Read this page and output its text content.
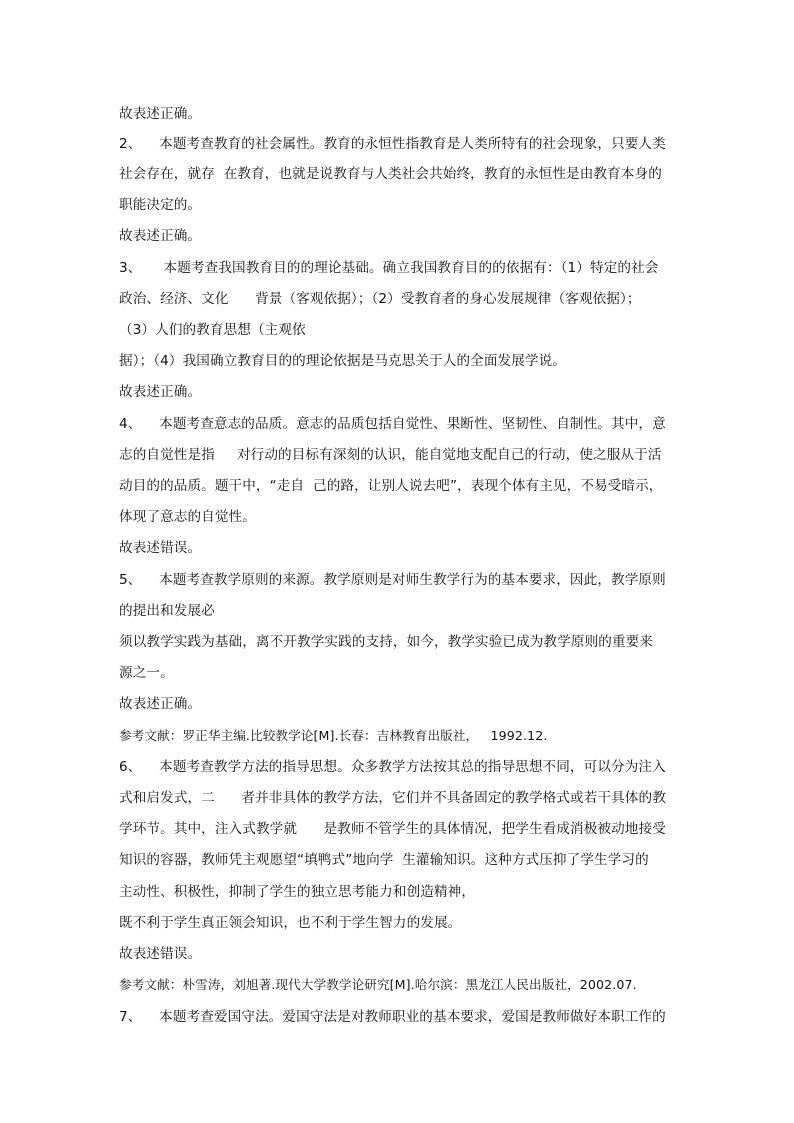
故表述正确。
2、    本题考查教育的社会属性。教育的永恒性指教育是人类所特有的社会现象，只要人类
社会存在，就存  在教育，也就是说教育与人类社会共始终，教育的永恒性是由教育本身的
职能决定的。
故表述正确。
3、     本题考查我国教育目的的理论基础。确立我国教育目的的依据有：（1）特定的社会
政治、经济、文化      背景（客观依据）；（2）受教育者的身心发展规律（客观依据）；
（3）人们的教育思想（主观依
据）；（4）我国确立教育目的的理论依据是马克思关于人的全面发展学说。
故表述正确。
4、    本题考查意志的品质。意志的品质包括自觉性、果断性、坚韧性、自制性。其中，意
志的自觉性是指     对行动的目标有深刻的认识，能自觉地支配自己的行动，使之服从于活
动目的的品质。题干中，“走自  己的路，让别人说去吧”，表现个体有主见，不易受暗示，
体现了意志的自觉性。
故表述错误。
5、    本题考查教学原则的来源。教学原则是对师生教学行为的基本要求，因此，教学原则
的提出和发展必
须以教学实践为基础，离不开教学实践的支持，如今，教学实验已成为教学原则的重要来
源之一。
故表述正确。
参考文献：罗正华主编.比较教学论[M].长春：吉林教育出版社，   1992.12.
6、    本题考查教学方法的指导思想。众多教学方法按其总的指导思想不同，可以分为注入
式和启发式，二      者并非具体的教学方法，它们并不具备固定的教学格式或若干具体的教
学环节。其中，注入式教学就      是教师不管学生的具体情况，把学生看成消极被动地接受
知识的容器，教师凭主观愿望“填鸭式”地向学  生灌输知识。这种方式压抑了学生学习的
主动性、积极性，抑制了学生的独立思考能力和创造精神，
既不利于学生真正领会知识，也不利于学生智力的发展。
故表述错误。
参考文献：朴雪涛，刘旭著.现代大学教学论研究[M].哈尔滨：黑龙江人民出版社，2002.07.
7、    本题考查爱国守法。爱国守法是对教师职业的基本要求，爱国是教师做好本职工作的
